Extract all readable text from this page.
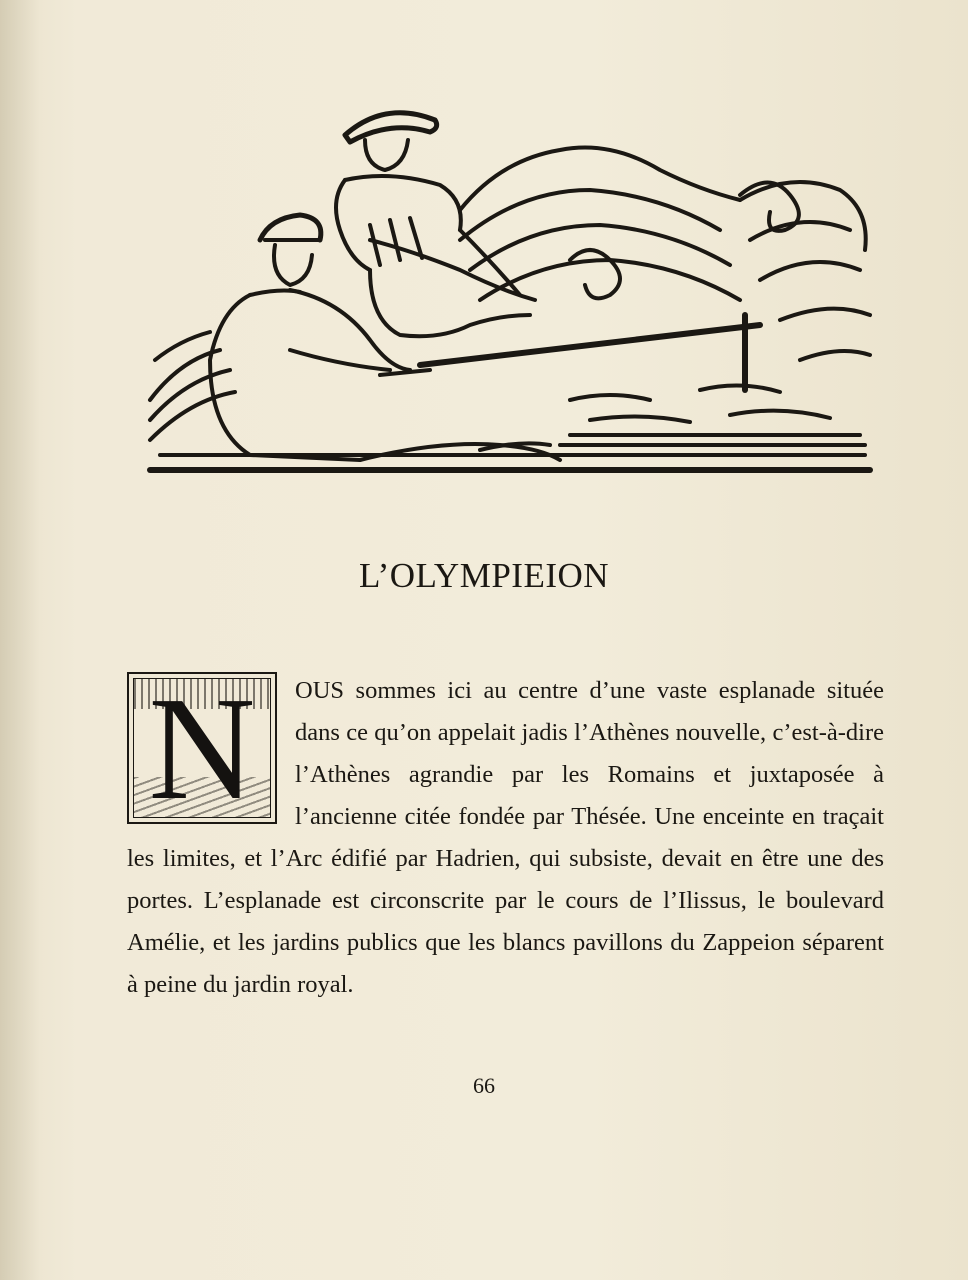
L’OLYMPIEION
N	OUS sommes ici au centre d’une vaste esplanade située dans ce qu’on appelait jadis l’Athènes nouvelle, c’est-à-dire l’Athènes agrandie par les Romains et juxtaposée à l’ancienne citée fondée par Thésée. Une enceinte en traçait les limites, et l’Arc édifié par Hadrien, qui subsiste, devait en être une des portes. L’esplanade est circonscrite par le cours de l’Ilissus, le boulevard Amélie, et les jardins publics que les blancs pavillons du Zappeion séparent à peine du jardin royal.

66
